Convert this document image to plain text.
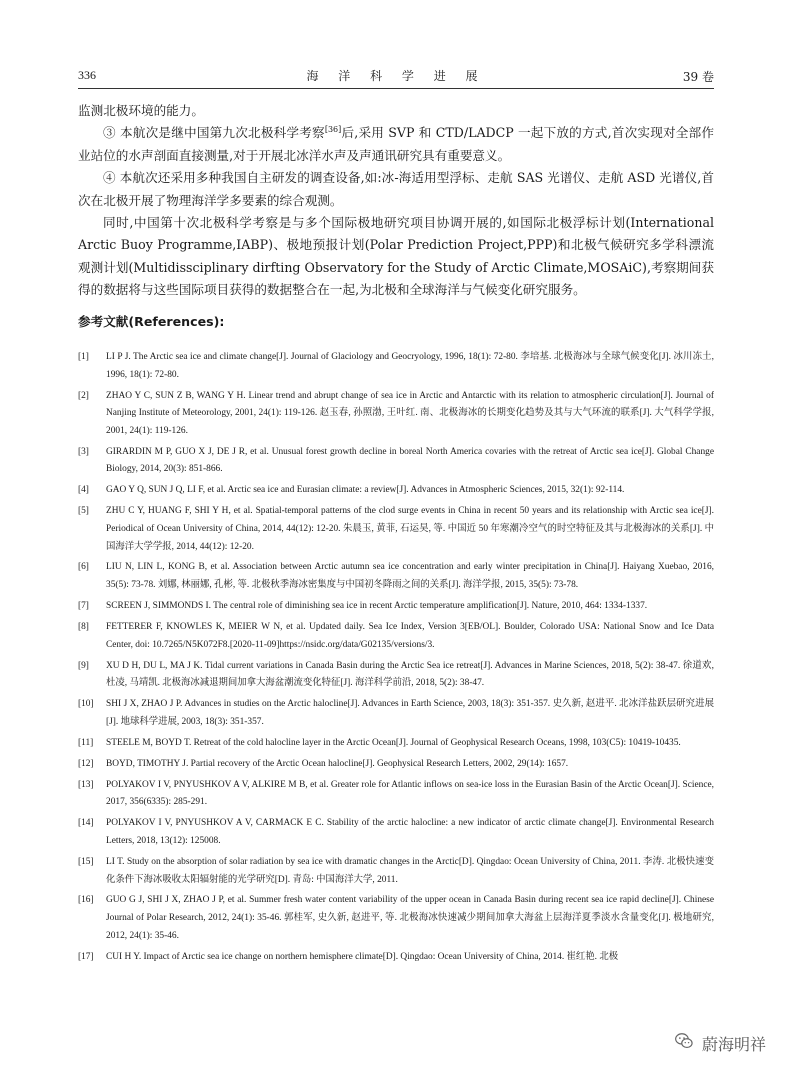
336	海 洋 科 学 进 展	39 卷

监测北极环境的能力。

③ 本航次是继中国第九次北极科学考察[36]后,采用 SVP 和 CTD/LADCP 一起下放的方式,首次实现对全部作业站位的水声剖面直接测量,对于开展北冰洋水声及声通讯研究具有重要意义。

④ 本航次还采用多种我国自主研发的调查设备,如:冰-海适用型浮标、走航 SAS 光谱仪、走航 ASD 光谱仪,首次在北极开展了物理海洋学多要素的综合观测。

同时,中国第十次北极科学考察是与多个国际极地研究项目协调开展的,如国际北极浮标计划(International Arctic Buoy Programme,IABP)、极地预报计划(Polar Prediction Project,PPP)和北极气候研究多学科漂流观测计划(Multidissciplinary dirfting Observatory for the Study of Arctic Climate,MOSAiC),考察期间获得的数据将与这些国际项目获得的数据整合在一起,为北极和全球海洋与气候变化研究服务。

参考文献(References):
[1] LI P J. The Arctic sea ice and climate change[J]. Journal of Glaciology and Geocryology, 1996, 18(1): 72-80. 李培基. 北极海冰与全球气候变化[J]. 冰川冻土, 1996, 18(1): 72-80.
[2] ZHAO Y C, SUN Z B, WANG Y H. Linear trend and abrupt change of sea ice in Arctic and Antarctic with its relation to atmospheric circulation[J]. Journal of Nanjing Institute of Meteorology, 2001, 24(1): 119-126. 赵玉春, 孙照渤, 王叶红. 南、北极海冰的长期变化趋势及其与大气环流的联系[J]. 大气科学学报, 2001, 24(1): 119-126.
[3] GIRARDIN M P, GUO X J, DE J R, et al. Unusual forest growth decline in boreal North America covaries with the retreat of Arctic sea ice[J]. Global Change Biology, 2014, 20(3): 851-866.
[4] GAO Y Q, SUN J Q, LI F, et al. Arctic sea ice and Eurasian climate: a review[J]. Advances in Atmospheric Sciences, 2015, 32(1): 92-114.
[5] ZHU C Y, HUANG F, SHI Y H, et al. Spatial-temporal patterns of the clod surge events in China in recent 50 years and its relationship with Arctic sea ice[J]. Periodical of Ocean University of China, 2014, 44(12): 12-20. 朱晨玉, 黄菲, 石运昊, 等. 中国近 50 年寒潮冷空气的时空特征及其与北极海冰的关系[J]. 中国海洋大学学报, 2014, 44(12): 12-20.
[6] LIU N, LIN L, KONG B, et al. Association between Arctic autumn sea ice concentration and early winter precipitation in China[J]. Haiyang Xuebao, 2016, 35(5): 73-78. 刘娜, 林丽娜, 孔彬, 等. 北极秋季海冰密集度与中国初冬降雨之间的关系[J]. 海洋学报, 2015, 35(5): 73-78.
[7] SCREEN J, SIMMONDS I. The central role of diminishing sea ice in recent Arctic temperature amplification[J]. Nature, 2010, 464: 1334-1337.
[8] FETTERER F, KNOWLES K, MEIER W N, et al. Updated daily. Sea Ice Index, Version 3[EB/OL]. Boulder, Colorado USA: National Snow and Ice Data Center, doi: 10.7265/N5K072F8.[2020-11-09]https://nsidc.org/data/G02135/versions/3.
[9] XU D H, DU L, MA J K. Tidal current variations in Canada Basin during the Arctic Sea ice retreat[J]. Advances in Marine Sciences, 2018, 5(2): 38-47. 徐道欢, 杜凌, 马靖凯. 北极海冰减退期间加拿大海盆潮流变化特征[J]. 海洋科学前沿, 2018, 5(2): 38-47.
[10] SHI J X, ZHAO J P. Advances in studies on the Arctic halocline[J]. Advances in Earth Science, 2003, 18(3): 351-357. 史久新, 赵进平. 北冰洋盐跃层研究进展[J]. 地球科学进展, 2003, 18(3): 351-357.
[11] STEELE M, BOYD T. Retreat of the cold halocline layer in the Arctic Ocean[J]. Journal of Geophysical Research Oceans, 1998, 103(C5): 10419-10435.
[12] BOYD, TIMOTHY J. Partial recovery of the Arctic Ocean halocline[J]. Geophysical Research Letters, 2002, 29(14): 1657.
[13] POLYAKOV I V, PNYUSHKOV A V, ALKIRE M B, et al. Greater role for Atlantic inflows on sea-ice loss in the Eurasian Basin of the Arctic Ocean[J]. Science, 2017, 356(6335): 285-291.
[14] POLYAKOV I V, PNYUSHKOV A V, CARMACK E C. Stability of the arctic halocline: a new indicator of arctic climate change[J]. Environmental Research Letters, 2018, 13(12): 125008.
[15] LI T. Study on the absorption of solar radiation by sea ice with dramatic changes in the Arctic[D]. Qingdao: Ocean University of China, 2011. 李涛. 北极快速变化条件下海冰吸收太阳辐射能的光学研究[D]. 青岛: 中国海洋大学, 2011.
[16] GUO G J, SHI J X, ZHAO J P, et al. Summer fresh water content variability of the upper ocean in Canada Basin during recent sea ice rapid decline[J]. Chinese Journal of Polar Research, 2012, 24(1): 35-46. 郭桂军, 史久新, 赵进平, 等. 北极海冰快速减少期间加拿大海盆上层海洋夏季淡水含量变化[J]. 极地研究, 2012, 24(1): 35-46.
[17] CUI H Y. Impact of Arctic sea ice change on northern hemisphere climate[D]. Qingdao: Ocean University of China, 2014. 崔红艳. 北极
蔚海明祥
